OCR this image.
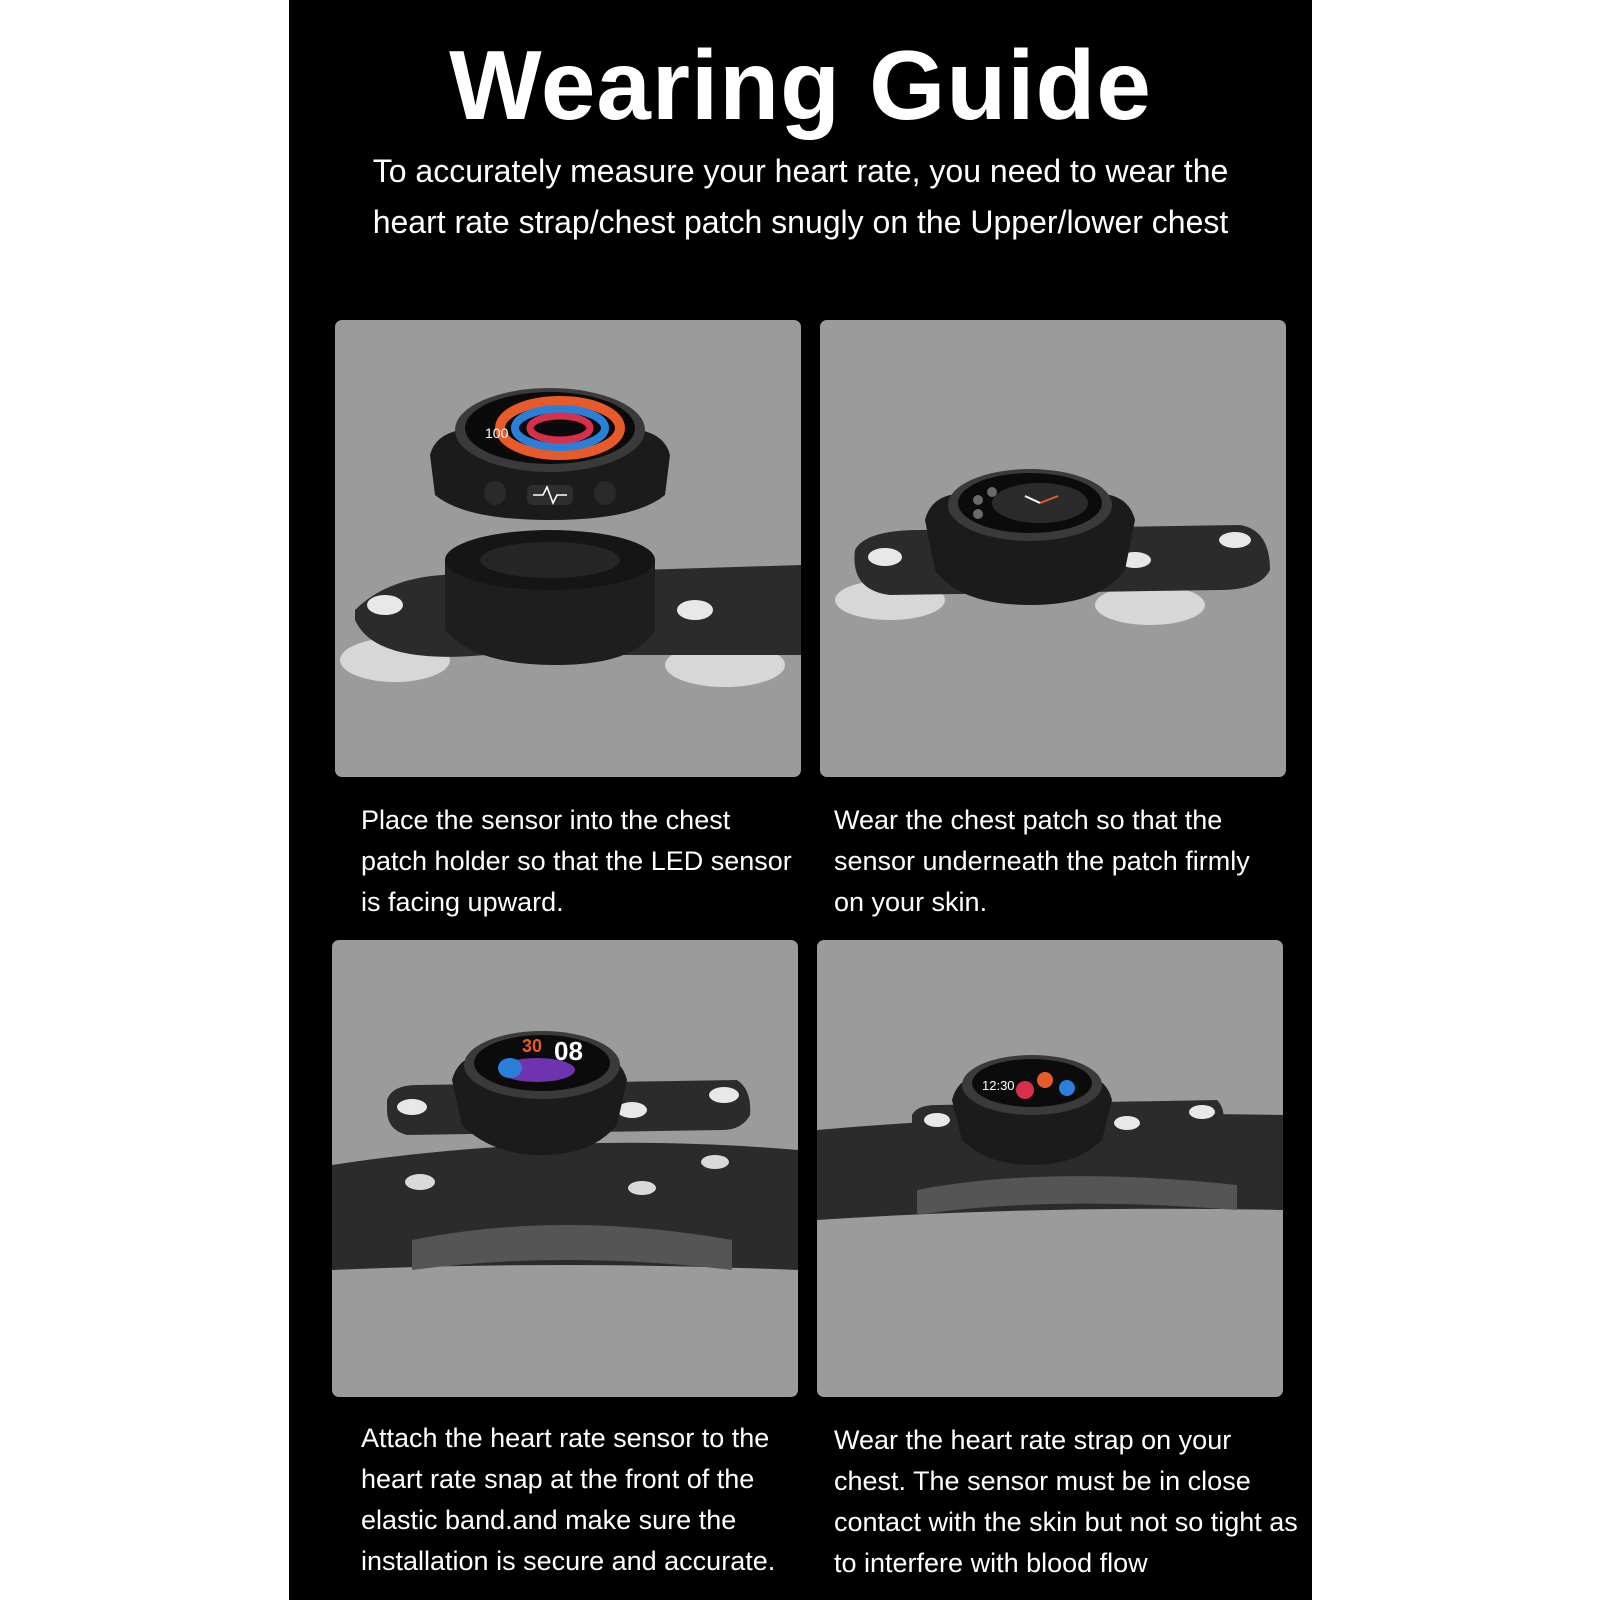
Wearing Guide
To accurately measure your heart rate, you need to wear the heart rate strap/chest patch snugly on the Upper/lower chest
100
Place the sensor into the chest patch holder so that the LED sensor is facing upward.
Wear the chest patch so that the sensor underneath the patch firmly on your skin.
08
30
12:30
Attach the heart rate sensor to the heart rate snap at the front of the elastic band.and make sure the installation is secure and accurate.
Wear the heart rate strap on your chest. The sensor must be in close contact with the skin but not so tight as to interfere with blood flow
